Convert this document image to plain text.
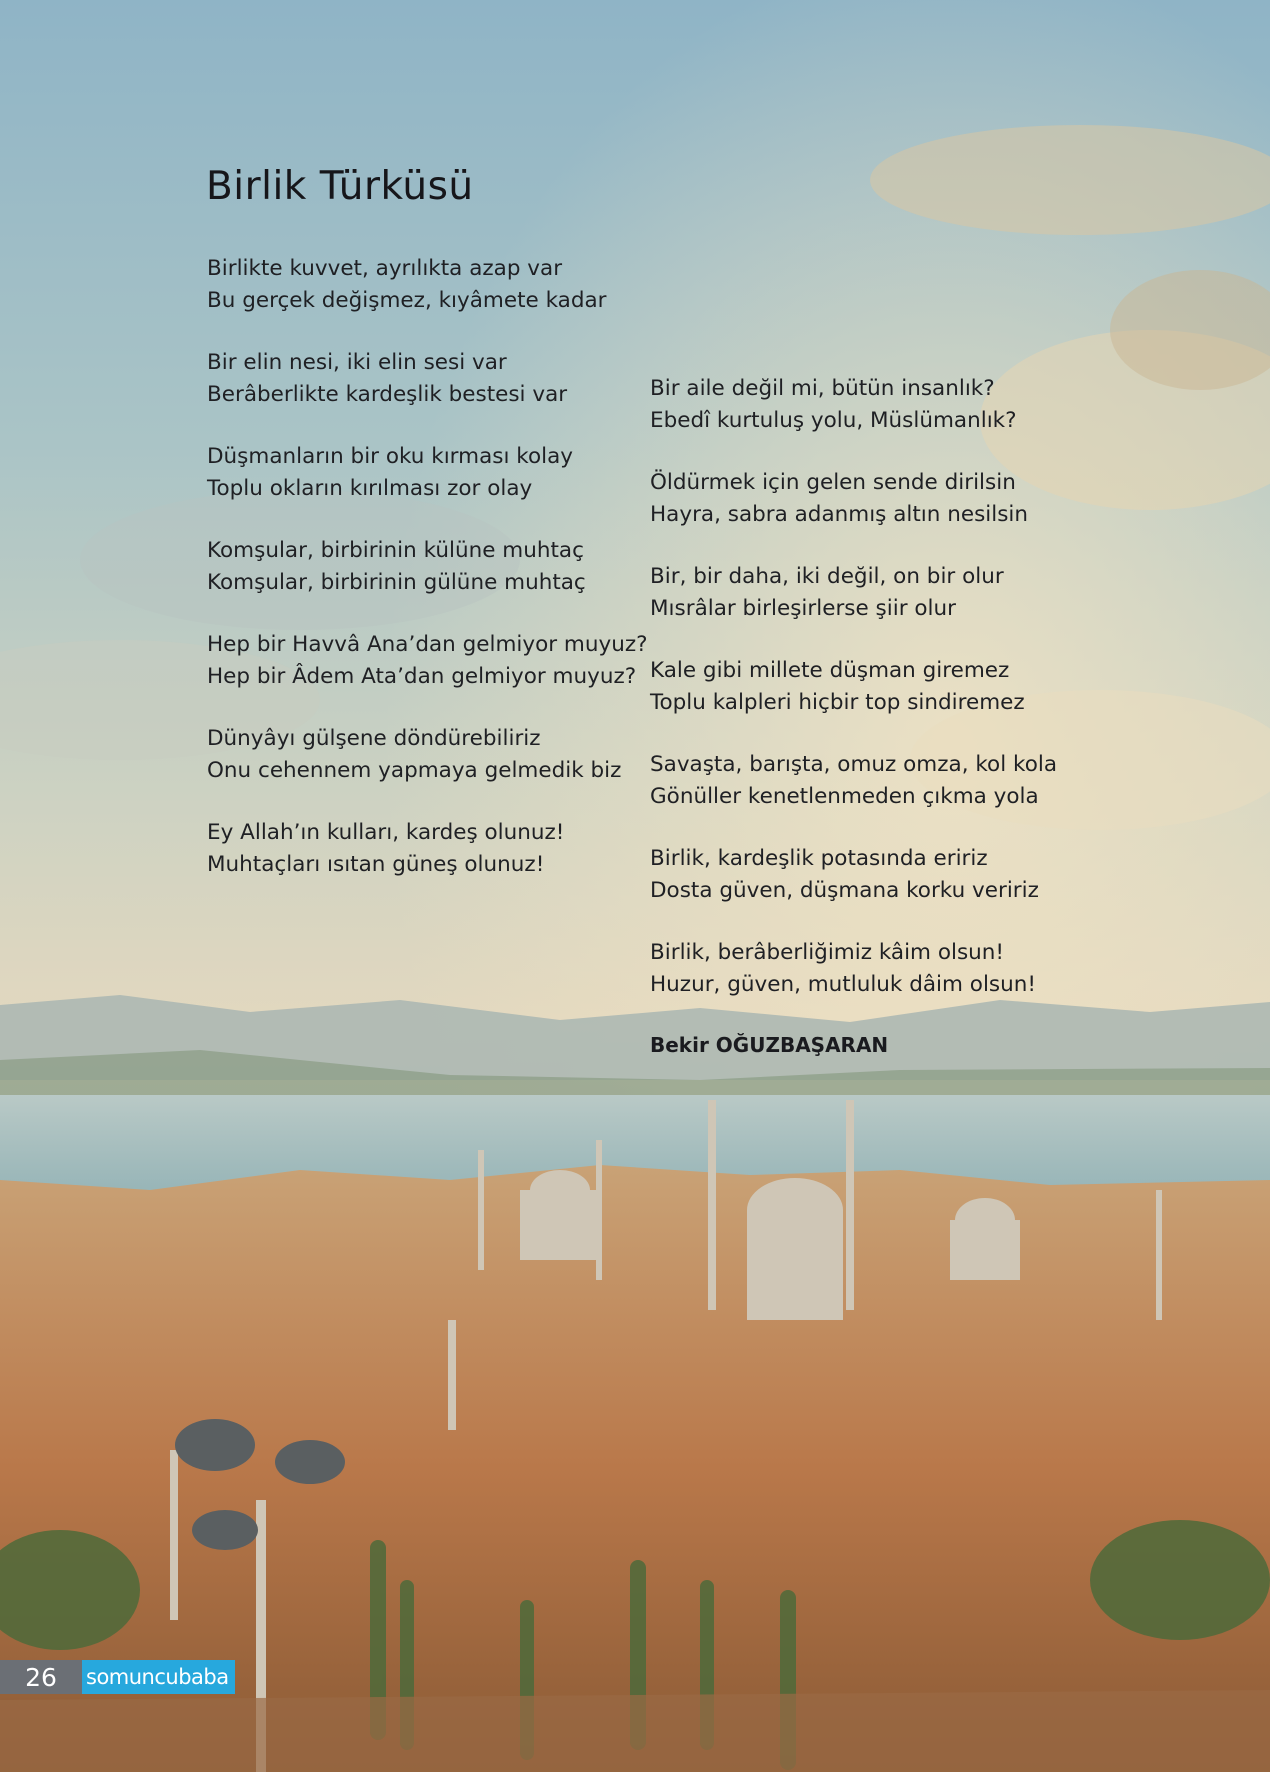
Birlik Türküsü
Birlikte kuvvet, ayrılıkta azap var
Bu gerçek değişmez, kıyâmete kadar
Bir elin nesi, iki elin sesi var
Berâberlikte kardeşlik bestesi var
Düşmanların bir oku kırması kolay
Toplu okların kırılması zor olay
Komşular, birbirinin külüne muhtaç
Komşular, birbirinin gülüne muhtaç
Hep bir Havvâ Ana’dan gelmiyor muyuz?
Hep bir Âdem Ata’dan gelmiyor muyuz?
Dünyâyı gülşene döndürebiliriz
Onu cehennem yapmaya gelmedik biz
Ey Allah’ın kulları, kardeş olunuz!
Muhtaçları ısıtan güneş olunuz!
Bir aile değil mi, bütün insanlık?
Ebedî kurtuluş yolu, Müslümanlık?
Öldürmek için gelen sende dirilsin
Hayra, sabra adanmış altın nesilsin
Bir, bir daha, iki değil, on bir olur
Mısrâlar birleşirlerse şiir olur
Kale gibi millete düşman giremez
Toplu kalpleri hiçbir top sindiremez
Savaşta, barışta, omuz omza, kol kola
Gönüller kenetlenmeden çıkma yola
Birlik, kardeşlik potasında eririz
Dosta güven, düşmana korku veririz
Birlik, berâberliğimiz kâim olsun!
Huzur, güven, mutluluk dâim olsun!
Bekir OĞUZBAŞARAN
26	somuncubaba
